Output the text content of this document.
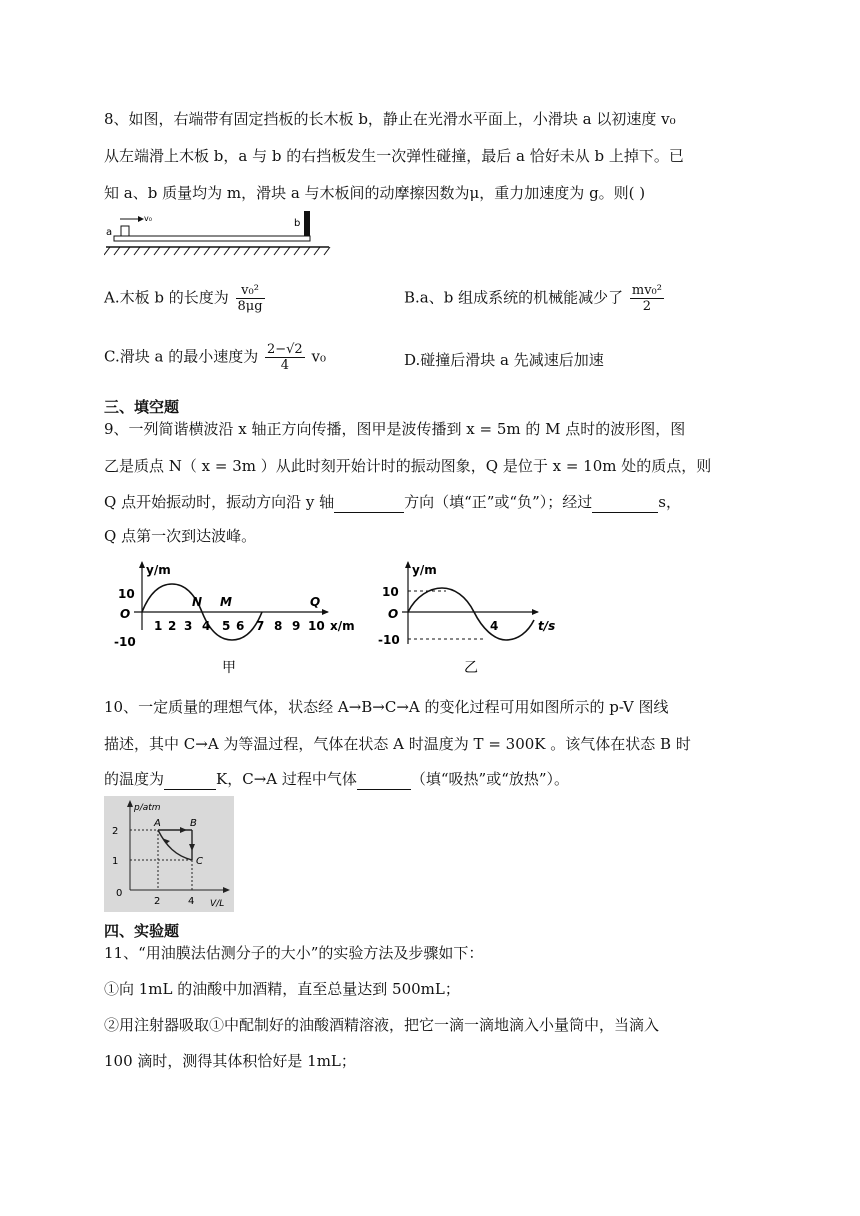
8、如图，右端带有固定挡板的长木板 b，静止在光滑水平面上，小滑块 a 以初速度 v₀
从左端滑上木板 b，a 与 b 的右挡板发生一次弹性碰撞，最后 a 恰好未从 b 上掉下。已
知 a、b 质量均为 m，滑块 a 与木板间的动摩擦因数为μ，重力加速度为 g。则( )
a
v₀	b
A.木板 b 的长度为 $\frac{\text{v₀²}}{8\mu g}$	B.a、b 组成系统的机械能减少了 $\frac{\text{mv₀²}}{2}$
C.滑块 a 的最小速度为 $\frac{2-√2}{4} v_0$	D.碰撞后滑块 a 先减速后加速
三、填空题
9、一列简谐横波沿 x 轴正方向传播，图甲是波传播到 x = 5m 的 M 点时的波形图，图
乙是质点 N（ x = 3m ）从此时刻开始计时的振动图象，Q 是位于 x = 10m 处的质点，则
Q 点开始振动时，振动方向沿 y 轴	方向（填“正”或“负”）；经过	s，
Q 点第一次到达波峰。
y/m
x/m
10
O
-10
1 2 3 4 5 6 7 8 9 10
N M	Q
甲
y/m
t/s
10
O
-10
4
乙
10、一定质量的理想气体，状态经 A→B→C→A 的变化过程可用如图所示的 p-V 图线
描述，其中 C→A 为等温过程，气体在状态 A 时温度为 T = 300K 。该气体在状态 B 时
的温度为	K，C→A 过程中气体	（填“吸热”或“放热”）。
p/atm
V/L
2
1
0
2	4
A	B
C
四、实验题
11、“用油膜法估测分子的大小”的实验方法及步骤如下：
①向 1mL 的油酸中加酒精，直至总量达到 500mL；
②用注射器吸取①中配制好的油酸酒精溶液，把它一滴一滴地滴入小量筒中，当滴入
100 滴时，测得其体积恰好是 1mL；
